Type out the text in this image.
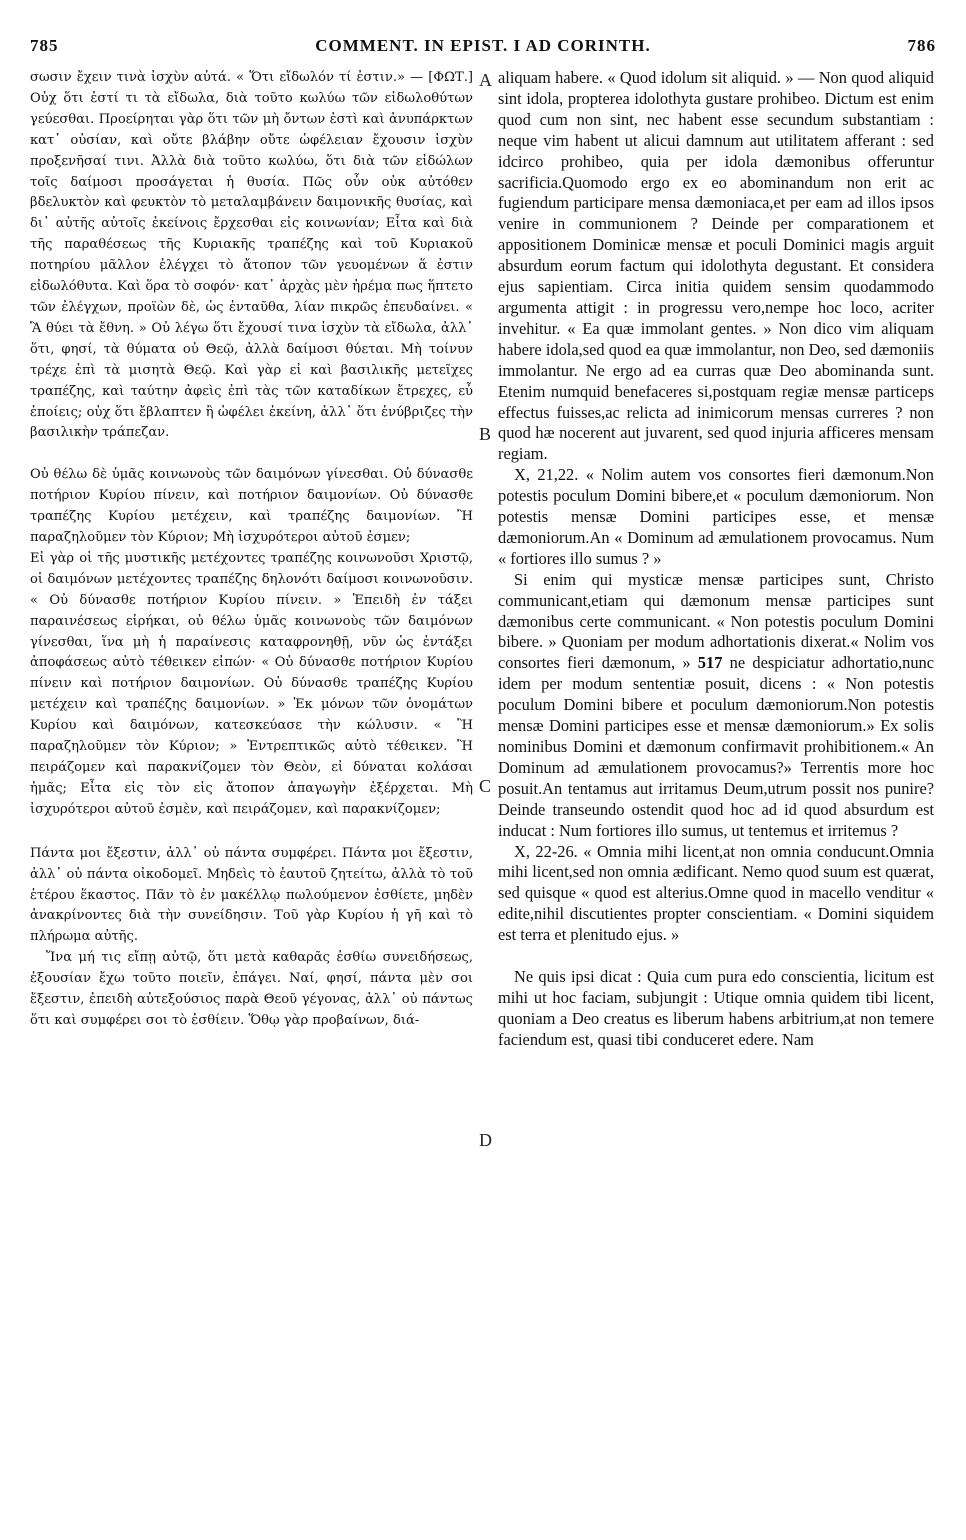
785	COMMENT. IN EPIST. I AD CORINTH.	786

σωσιν ἔχειν τινὰ ἰσχὺν αὐτά. « Ὅτι εἴδωλόν τί ἐστιν.» — [ΦΩΤ.] Οὐχ ὅτι ἐστί τι τὰ εἴδωλα, διὰ τοῦτο κωλύω τῶν εἰδωλοθύτων γεύεσθαι. Προείρηται γὰρ ὅτι τῶν μὴ ὄντων ἐστὶ καὶ ἀνυπάρκτων κατ᾽ οὐσίαν, καὶ οὔτε βλάβην οὔτε ὠφέλειαν ἔχουσιν ἰσχὺν προξενῆσαί τινι. Ἀλλὰ διὰ τοῦτο κωλύω, ὅτι διὰ τῶν εἰδώλων τοῖς δαίμοσι προσάγεται ἡ θυσία. Πῶς οὖν οὐκ αὐτόθεν βδελυκτὸν καὶ φευκτὸν τὸ μεταλαμβάνειν δαιμονικῆς θυσίας, καὶ δι᾽ αὐτῆς αὐτοῖς ἐκείνοις ἔρχεσθαι εἰς κοινωνίαν; Εἶτα καὶ διὰ τῆς παραθέσεως τῆς Κυριακῆς τραπέζης καὶ τοῦ Κυριακοῦ ποτηρίου μᾶλλον ἐλέγχει τὸ ἄτοπον τῶν γευομένων ἅ ἐστιν εἰδωλόθυτα. Καὶ ὅρα τὸ σοφόν· κατ᾽ ἀρχὰς μὲν ἠρέμα πως ἥπτετο τῶν ἐλέγχων, προϊὼν δὲ, ὡς ἐνταῦθα, λίαν πικρῶς ἐπευδαίνει. « Ἃ θύει τὰ ἔθνη. » Οὐ λέγω ὅτι ἔχουσί τινα ἰσχὺν τὰ εἴδωλα, ἀλλ᾽ ὅτι, φησί, τὰ θύματα οὐ Θεῷ, ἀλλὰ δαίμοσι θύεται. Μὴ τοίνυν τρέχε ἐπὶ τὰ μισητὰ Θεῷ. Καὶ γὰρ εἰ καὶ βασιλικῆς μετεῖχες τραπέζης, καὶ ταύτην ἀφεὶς ἐπὶ τὰς τῶν καταδίκων ἔτρεχες, εὖ ἐποίεις; οὐχ ὅτι ἔβλαπτεν ἢ ὠφέλει ἐκείνη, ἀλλ᾽ ὅτι ἐνύβριζες τὴν βασιλικὴν τράπεζαν.

Οὐ θέλω δὲ ὑμᾶς κοινωνοὺς τῶν δαιμόνων γίνεσθαι. Οὐ δύνασθε ποτήριον Κυρίου πίνειν, καὶ ποτήριον δαιμονίων. Οὐ δύνασθε τραπέζης Κυρίου μετέχειν, καὶ τραπέζης δαιμονίων. Ἢ παραζηλοῦμεν τὸν Κύριον; Μὴ ἰσχυρότεροι αὐτοῦ ἐσμεν;

Εἰ γὰρ οἱ τῆς μυστικῆς μετέχοντες τραπέζης κοινωνοῦσι Χριστῷ, οἱ δαιμόνων μετέχοντες τραπέζης δηλονότι δαίμοσι κοινωνοῦσιν. « Οὐ δύνασθε ποτήριον Κυρίου πίνειν. » Ἐπειδὴ ἐν τάξει παραινέσεως εἰρήκαι, οὐ θέλω ὑμᾶς κοινωνοὺς τῶν δαιμόνων γίνεσθαι, ἵνα μὴ ἡ παραίνεσις καταφρονηθῇ, νῦν ὡς ἐντάξει ἀποφάσεως αὐτὸ τέθεικεν εἰπών· « Οὐ δύνασθε ποτήριον Κυρίου πίνειν καὶ ποτήριον δαιμονίων. Οὐ δύνασθε τραπέζης Κυρίου μετέχειν καὶ τραπέζης δαιμονίων. » Ἐκ μόνων τῶν ὀνομάτων Κυρίου καὶ δαιμόνων, κατεσκεύασε τὴν κώλυσιν. « Ἢ παραζηλοῦμεν τὸν Κύριον; » Ἐντρεπτικῶς αὐτὸ τέθεικεν. Ἢ πειράζομεν καὶ παρακνίζομεν τὸν Θεὸν, εἰ δύναται κολάσαι ἡμᾶς; Εἶτα εἰς τὸν εἰς ἄτοπον ἀπαγωγὴν ἐξέρχεται. Μὴ ἰσχυρότεροι αὐτοῦ ἐσμὲν, καὶ πειράζομεν, καὶ παρακνίζομεν;

Πάντα μοι ἔξεστιν, ἀλλ᾽ οὐ πάντα συμφέρει. Πάντα μοι ἔξεστιν, ἀλλ᾽ οὐ πάντα οἰκοδομεῖ. Μηδεὶς τὸ ἑαυτοῦ ζητείτω, ἀλλὰ τὸ τοῦ ἑτέρου ἕκαστος. Πᾶν τὸ ἐν μακέλλῳ πωλούμενον ἐσθίετε, μηδὲν ἀνακρίνοντες διὰ τὴν συνείδησιν. Τοῦ γὰρ Κυρίου ἡ γῆ καὶ τὸ πλήρωμα αὐτῆς.

Ἵνα μή τις εἴπῃ αὐτῷ, ὅτι μετὰ καθαρᾶς ἐσθίω συνειδήσεως, ἐξουσίαν ἔχω τοῦτο ποιεῖν, ἐπάγει. Ναί, φησί, πάντα μὲν σοι ἔξεστιν, ἐπειδὴ αὐτεξούσιος παρὰ Θεοῦ γέγονας, ἀλλ᾽ οὐ πάντως ὅτι καὶ συμφέρει σοι τὸ ἐσθίειν. Ὅθῳ γὰρ προβαίνων, διά-

aliquam habere. « Quod idolum sit aliquid. » — Non quod aliquid sint idola, propterea idolothyta gustare prohibeo. Dictum est enim quod cum non sint, nec habent esse secundum substantiam : neque vim habent ut alicui damnum aut utilitatem afferant : sed idcirco prohibeo, quia per idola dæmonibus offeruntur sacrificia.Quomodo ergo ex eo abominandum non erit ac fugiendum participare mensa dæmoniaca,et per eam ad illos ipsos venire in communionem ? Deinde per comparationem et appositionem Dominicæ mensæ et poculi Dominici magis arguit absurdum eorum factum qui idolothyta degustant. Et considera ejus sapientiam. Circa initia quidem sensim quodammodo argumenta attigit : in progressu vero,nempe hoc loco, acriter invehitur. « Ea quæ immolant gentes. » Non dico vim aliquam habere idola,sed quod ea quæ immolantur, non Deo, sed dæmoniis immolantur. Ne ergo ad ea curras quæ Deo abominanda sunt. Etenim numquid benefaceres si,postquam regiæ mensæ particeps effectus fuisses,ac relicta ad inimicorum mensas curreres ? non quod hæ nocerent aut juvarent, sed quod injuria afficeres mensam regiam.

X, 21,22. « Nolim autem vos consortes fieri dæmonum.Non potestis poculum Domini bibere,et « poculum dæmoniorum. Non potestis mensæ Domini participes esse, et mensæ dæmoniorum.An « Dominum ad æmulationem provocamus. Num « fortiores illo sumus ? »

Si enim qui mysticæ mensæ participes sunt, Christo communicant,etiam qui dæmonum mensæ participes sunt dæmonibus certe communicant. « Non potestis poculum Domini bibere. » Quoniam per modum adhortationis dixerat.« Nolim vos consortes fieri dæmonum, » 517 ne despiciatur adhortatio,nunc idem per modum sententiæ posuit, dicens : « Non potestis poculum Domini bibere et poculum dæmoniorum.Non potestis mensæ Domini participes esse et mensæ dæmoniorum.» Ex solis nominibus Domini et dæmonum confirmavit prohibitionem.« An Dominum ad æmulationem provocamus?» Terrentis more hoc posuit.An tentamus aut irritamus Deum,utrum possit nos punire? Deinde transeundo ostendit quod hoc ad id quod absurdum est inducat : Num fortiores illo sumus, ut tentemus et irritemus ?

X, 22-26. « Omnia mihi licent,at non omnia conducunt.Omnia mihi licent,sed non omnia ædificant. Nemo quod suum est quærat, sed quisque « quod est alterius.Omne quod in macello venditur « edite,nihil discutientes propter conscientiam. « Domini siquidem est terra et plenitudo ejus. »

Ne quis ipsi dicat : Quia cum pura edo conscientia, licitum est mihi ut hoc faciam, subjungit : Utique omnia quidem tibi licent, quoniam a Deo creatus es liberum habens arbitrium,at non temere faciendum est, quasi tibi conduceret edere. Nam

A
B
C
D
